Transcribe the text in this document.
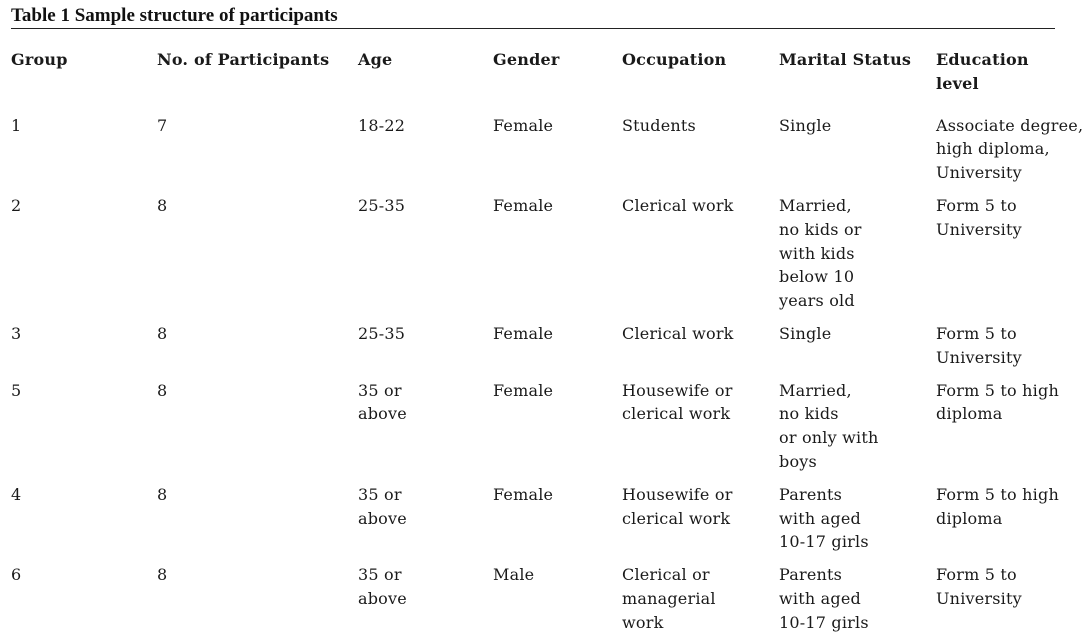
Table 1 Sample structure of participants
Group	No. of Participants	Age	Gender	Occupation	Marital Status	Education
level

1	7	18-22	Female	Students	Single	Associate degree,
high diploma,
University

2	8	25-35	Female	Clerical work	Married,
no kids or
with kids
below 10
years old	Form 5 to
University

3	8	25-35	Female	Clerical work	Single	Form 5 to
University

5	8	35 or
above	Female	Housewife or
clerical work	Married,
no kids
or only with
boys	Form 5 to high
diploma

4	8	35 or
above	Female	Housewife or
clerical work	Parents
with aged
10-17 girls	Form 5 to high
diploma

6	8	35 or
above	Male	Clerical or
managerial
work	Parents
with aged
10-17 girls	Form 5 to
University
